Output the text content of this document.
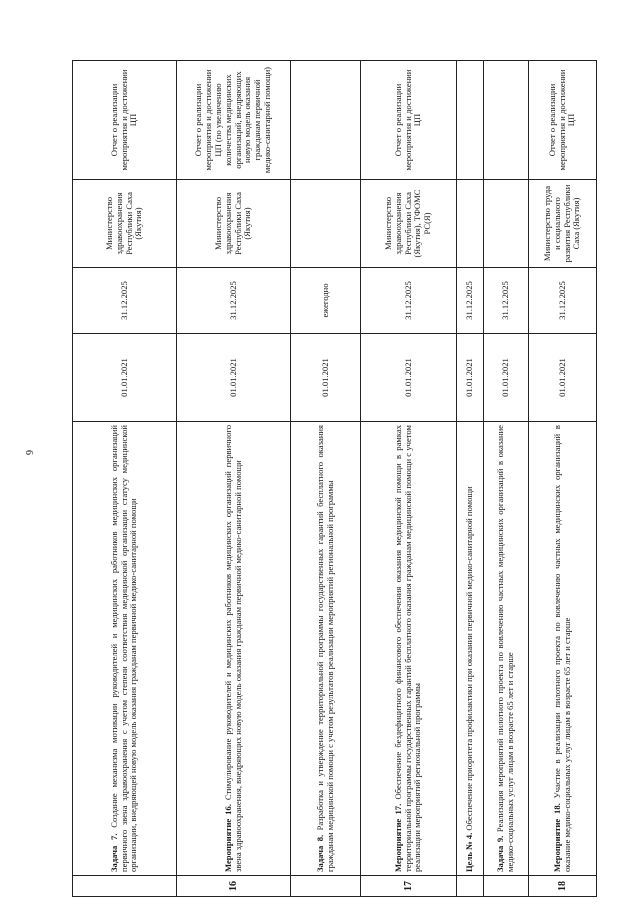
6
	Задача 7. Создание механизма мотивации руководителей и медицинских работников медицинских организаций первичного звена здравоохранения с учетом степени соответствия медицинской организации статусу медицинской организации, внедряющей новую модель оказания гражданам первичной медико-санитарной помощи	01.01.2021	31.12.2025	Министерство здравоохранения Республики Саха (Якутия)	Отчет о реализации мероприятия и достижении ЦП
16	Мероприятие 16. Стимулирование руководителей и медицинских работников медицинских организаций первичного звена здравоохранения, внедряющих новую модель оказания гражданам первичной медико-санитарной помощи	01.01.2021	31.12.2025	Министерство здравоохранения Республики Саха (Якутия)	Отчет о реализации мероприятия и достижении ЦП (по увеличению количества медицинских организаций, внедряющих новую модель оказания гражданам первичной медико-санитарной помощи)
	Задача 8. Разработка и утверждение территориальной программы государственных гарантий бесплатного оказания гражданам медицинской помощи с учетом результатов реализации мероприятий региональной программы	01.01.2021	ежегодно		
17	Мероприятие 17. Обеспечение бездефицитного финансового обеспечения оказания медицинской помощи в рамках территориальной программы государственных гарантий бесплатного оказания гражданам медицинской помощи с учетом реализации мероприятий региональной программы	01.01.2021	31.12.2025	Министерство здравоохранения Республики Саха (Якутия), ТФОМС РС(Я)	Отчет о реализации мероприятия и достижении ЦП
	Цель № 4. Обеспечение приоритета профилактики при оказании первичной медико-санитарной помощи	01.01.2021	31.12.2025		
	Задача 9. Реализация мероприятий пилотного проекта по вовлечению частных медицинских организаций в оказание медико-социальных услуг лицам в возрасте 65 лет и старше	01.01.2021	31.12.2025		
18	Мероприятие 18. Участие в реализации пилотного проекта по вовлечению частных медицинских организаций в оказание медико-социальных услуг лицам в возрасте 65 лет и старше	01.01.2021	31.12.2025	Министерство труда и социального развития Республики Саха (Якутия)	Отчет о реализации мероприятия и достижении ЦП
